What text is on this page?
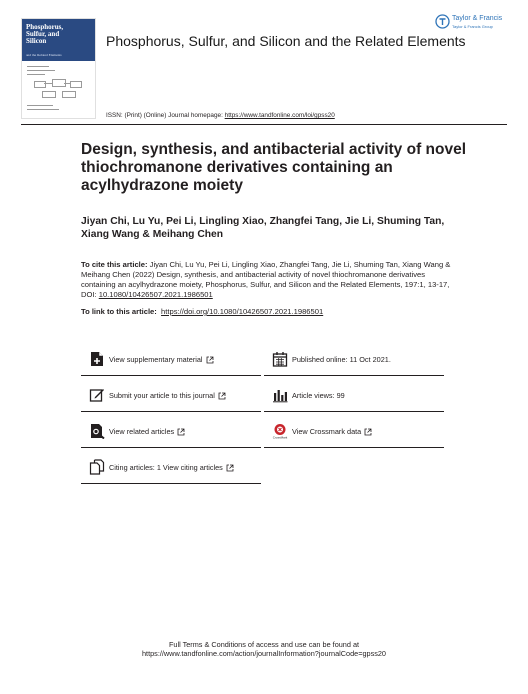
Phosphorus,
Sulfur, and
Silicon
and the Related Elements
Phosphorus, Sulfur, and Silicon and the Related Elements
Taylor & Francis
Taylor & Francis Group
ISSN: (Print) (Online) Journal homepage: https://www.tandfonline.com/loi/gpss20
Design, synthesis, and antibacterial activity of novel thiochromanone derivatives containing an acylhydrazone moiety
Jiyan Chi, Lu Yu, Pei Li, Lingling Xiao, Zhangfei Tang, Jie Li, Shuming Tan, Xiang Wang & Meihang Chen
To cite this article: Jiyan Chi, Lu Yu, Pei Li, Lingling Xiao, Zhangfei Tang, Jie Li, Shuming Tan, Xiang Wang & Meihang Chen (2022) Design, synthesis, and antibacterial activity of novel thiochromanone derivatives containing an acylhydrazone moiety, Phosphorus, Sulfur, and Silicon and the Related Elements, 197:1, 13-17, DOI: 10.1080/10426507.2021.1986501
To link to this article: https://doi.org/10.1080/10426507.2021.1986501
View supplementary material	Published online: 11 Oct 2021.
Submit your article to this journal	Article views: 99
View related articles
CrossMark
View Crossmark data
Citing articles: 1 View citing articles
Full Terms & Conditions of access and use can be found at
https://www.tandfonline.com/action/journalInformation?journalCode=gpss20
